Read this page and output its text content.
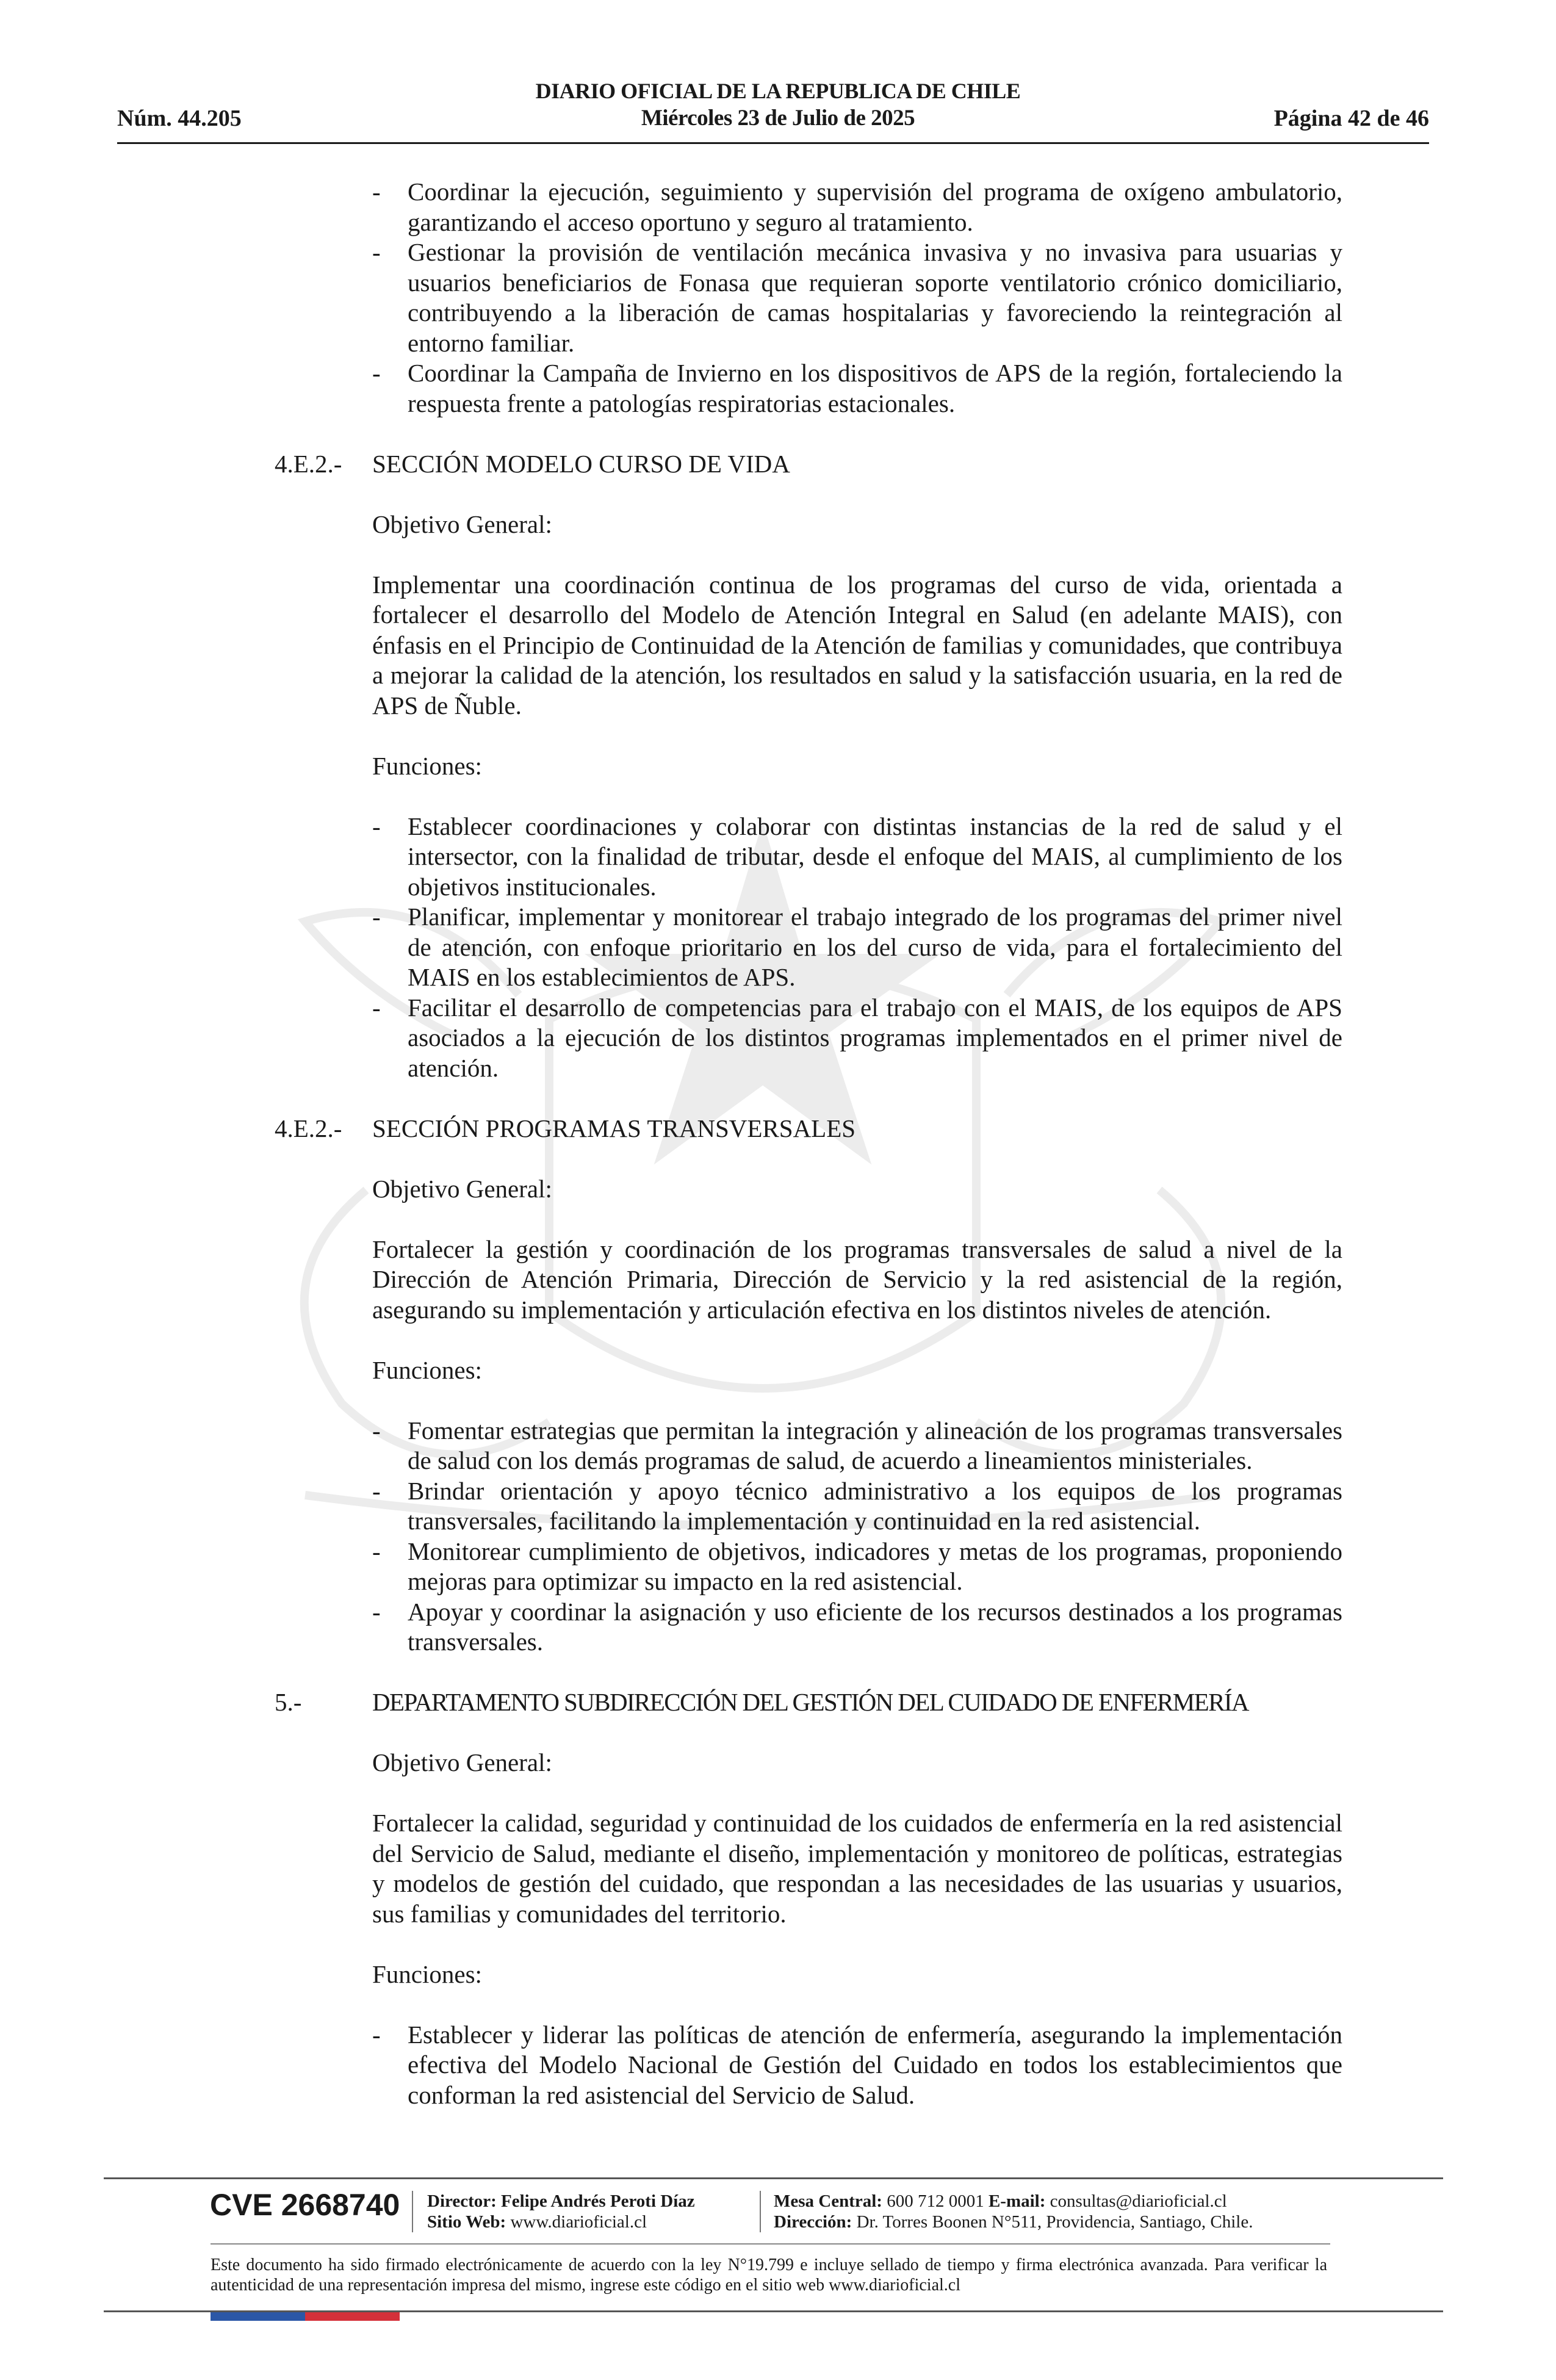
DIARIO OFICIAL DE LA REPUBLICA DE CHILE
Miércoles 23 de Julio de 2025
Núm. 44.205	Página 42 de 46
- Coordinar la ejecución, seguimiento y supervisión del programa de oxígeno ambulatorio, garantizando el acceso oportuno y seguro al tratamiento.
- Gestionar la provisión de ventilación mecánica invasiva y no invasiva para usuarias y usuarios beneficiarios de Fonasa que requieran soporte ventilatorio crónico domiciliario, contribuyendo a la liberación de camas hospitalarias y favoreciendo la reintegración al entorno familiar.
- Coordinar la Campaña de Invierno en los dispositivos de APS de la región, fortaleciendo la respuesta frente a patologías respiratorias estacionales.
4.E.2.- SECCIÓN MODELO CURSO DE VIDA
Objetivo General:
Implementar una coordinación continua de los programas del curso de vida, orientada a fortalecer el desarrollo del Modelo de Atención Integral en Salud (en adelante MAIS), con énfasis en el Principio de Continuidad de la Atención de familias y comunidades, que contribuya a mejorar la calidad de la atención, los resultados en salud y la satisfacción usuaria, en la red de APS de Ñuble.
Funciones:
- Establecer coordinaciones y colaborar con distintas instancias de la red de salud y el intersector, con la finalidad de tributar, desde el enfoque del MAIS, al cumplimiento de los objetivos institucionales.
- Planificar, implementar y monitorear el trabajo integrado de los programas del primer nivel de atención, con enfoque prioritario en los del curso de vida, para el fortalecimiento del MAIS en los establecimientos de APS.
- Facilitar el desarrollo de competencias para el trabajo con el MAIS, de los equipos de APS asociados a la ejecución de los distintos programas implementados en el primer nivel de atención.
4.E.2.- SECCIÓN PROGRAMAS TRANSVERSALES
Objetivo General:
Fortalecer la gestión y coordinación de los programas transversales de salud a nivel de la Dirección de Atención Primaria, Dirección de Servicio y la red asistencial de la región, asegurando su implementación y articulación efectiva en los distintos niveles de atención.
Funciones:
- Fomentar estrategias que permitan la integración y alineación de los programas transversales de salud con los demás programas de salud, de acuerdo a lineamientos ministeriales.
- Brindar orientación y apoyo técnico administrativo a los equipos de los programas transversales, facilitando la implementación y continuidad en la red asistencial.
- Monitorear cumplimiento de objetivos, indicadores y metas de los programas, proponiendo mejoras para optimizar su impacto en la red asistencial.
- Apoyar y coordinar la asignación y uso eficiente de los recursos destinados a los programas transversales.
5.-	DEPARTAMENTO SUBDIRECCIÓN DEL GESTIÓN DEL CUIDADO DE ENFERMERÍA
Objetivo General:
Fortalecer la calidad, seguridad y continuidad de los cuidados de enfermería en la red asistencial del Servicio de Salud, mediante el diseño, implementación y monitoreo de políticas, estrategias y modelos de gestión del cuidado, que respondan a las necesidades de las usuarias y usuarios, sus familias y comunidades del territorio.
Funciones:
- Establecer y liderar las políticas de atención de enfermería, asegurando la implementación efectiva del Modelo Nacional de Gestión del Cuidado en todos los establecimientos que conforman la red asistencial del Servicio de Salud.
CVE 2668740 Director: Felipe Andrés Peroti Díaz
Sitio Web: www.diarioficial.cl
Mesa Central: 600 712 0001 E-mail: consultas@diarioficial.cl
Dirección: Dr. Torres Boonen N°511, Providencia, Santiago, Chile.
Este documento ha sido firmado electrónicamente de acuerdo con la ley N°19.799 e incluye sellado de tiempo y firma electrónica avanzada. Para verificar la autenticidad de una representación impresa del mismo, ingrese este código en el sitio web www.diarioficial.cl
